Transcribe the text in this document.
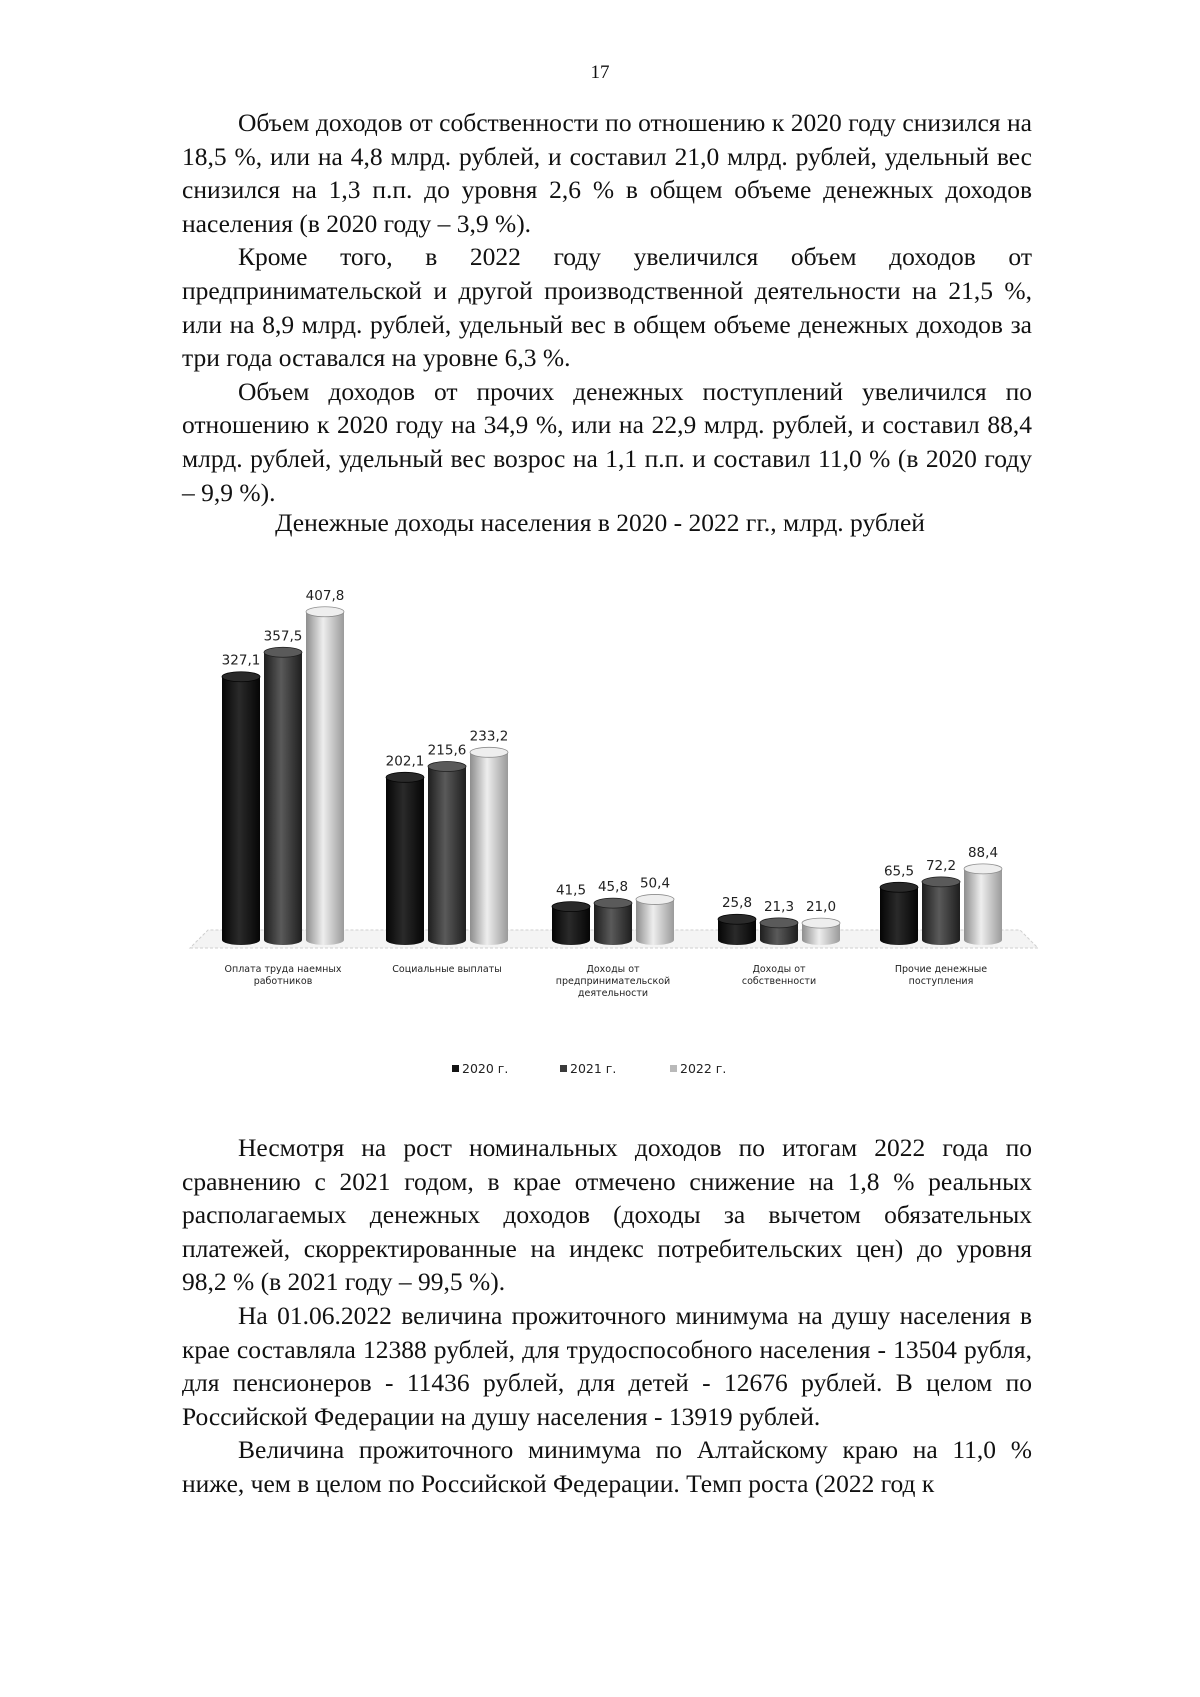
17

Объем доходов от собственности по отношению к 2020 году снизился на 18,5 %, или на 4,8 млрд. рублей, и составил 21,0 млрд. рублей, удельный вес снизился на 1,3 п.п. до уровня 2,6 % в общем объеме денежных доходов населения (в 2020 году – 3,9 %).

Кроме того, в 2022 году увеличился объем доходов от предпринимательской и другой производственной деятельности на 21,5 %, или на 8,9 млрд. рублей, удельный вес в общем объеме денежных доходов за три года оставался на уровне 6,3 %.

Объем доходов от прочих денежных поступлений увеличился по отношению к 2020 году на 34,9 %, или на 22,9 млрд. рублей, и составил 88,4 млрд. рублей, удельный вес возрос на 1,1 п.п. и составил 11,0 % (в 2020 году – 9,9 %).

Денежные доходы населения в 2020 - 2022 гг., млрд. рублей
327,1
202,1
41,5
25,8
65,5
357,5
215,6
45,8
21,3
72,2
407,8
233,2
50,4
21,0
88,4
Оплата труда наемных работников
Социальные выплаты	Доходы от предпринимательской деятельности
Доходы от собственности
Прочие денежные поступления
2020 г.	2021 г.	2022 г.

Несмотря на рост номинальных доходов по итогам 2022 года по сравнению с 2021 годом, в крае отмечено снижение на 1,8 % реальных располагаемых денежных доходов (доходы за вычетом обязательных платежей, скорректированные на индекс потребительских цен) до уровня 98,2 % (в 2021 году – 99,5 %).

На 01.06.2022 величина прожиточного минимума на душу населения в крае составляла 12388 рублей, для трудоспособного населения - 13504 рубля, для пенсионеров - 11436 рублей, для детей - 12676 рублей. В целом по Российской Федерации на душу населения - 13919 рублей.

Величина прожиточного минимума по Алтайскому краю на 11,0 % ниже, чем в целом по Российской Федерации. Темп роста (2022 год к
